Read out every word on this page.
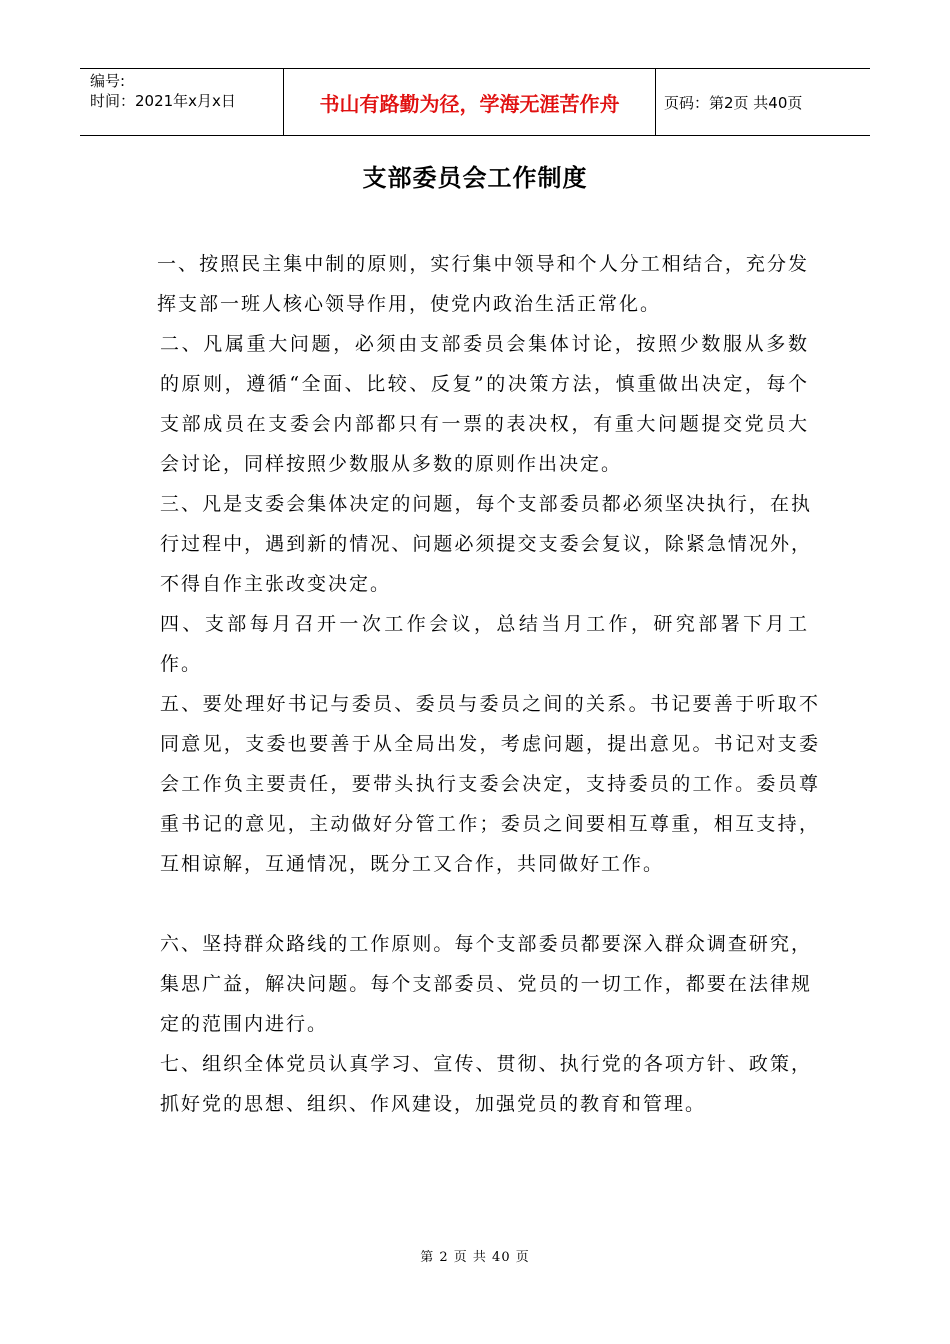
编号:
时间：2021年x月x日	书山有路勤为径，学海无涯苦作舟	页码：第2页 共40页
支部委员会工作制度
一、按照民主集中制的原则，实行集中领导和个人分工相结合，充分发挥支部一班人核心领导作用，使党内政治生活正常化。
二、凡属重大问题，必须由支部委员会集体讨论，按照少数服从多数的原则，遵循“全面、比较、反复”的决策方法，慎重做出决定，每个支部成员在支委会内部都只有一票的表决权，有重大问题提交党员大会讨论，同样按照少数服从多数的原则作出决定。
三、凡是支委会集体决定的问题，每个支部委员都必须坚决执行，在执行过程中，遇到新的情况、问题必须提交支委会复议，除紧急情况外，不得自作主张改变决定。
四、支部每月召开一次工作会议，总结当月工作，研究部署下月工作。
五、要处理好书记与委员、委员与委员之间的关系。书记要善于听取不同意见，支委也要善于从全局出发，考虑问题，提出意见。书记对支委会工作负主要责任，要带头执行支委会决定，支持委员的工作。委员尊重书记的意见，主动做好分管工作；委员之间要相互尊重，相互支持，互相谅解，互通情况，既分工又合作，共同做好工作。
六、坚持群众路线的工作原则。每个支部委员都要深入群众调查研究，集思广益，解决问题。每个支部委员、党员的一切工作，都要在法律规定的范围内进行。
七、组织全体党员认真学习、宣传、贯彻、执行党的各项方针、政策，抓好党的思想、组织、作风建设，加强党员的教育和管理。
第 2 页 共 40 页
